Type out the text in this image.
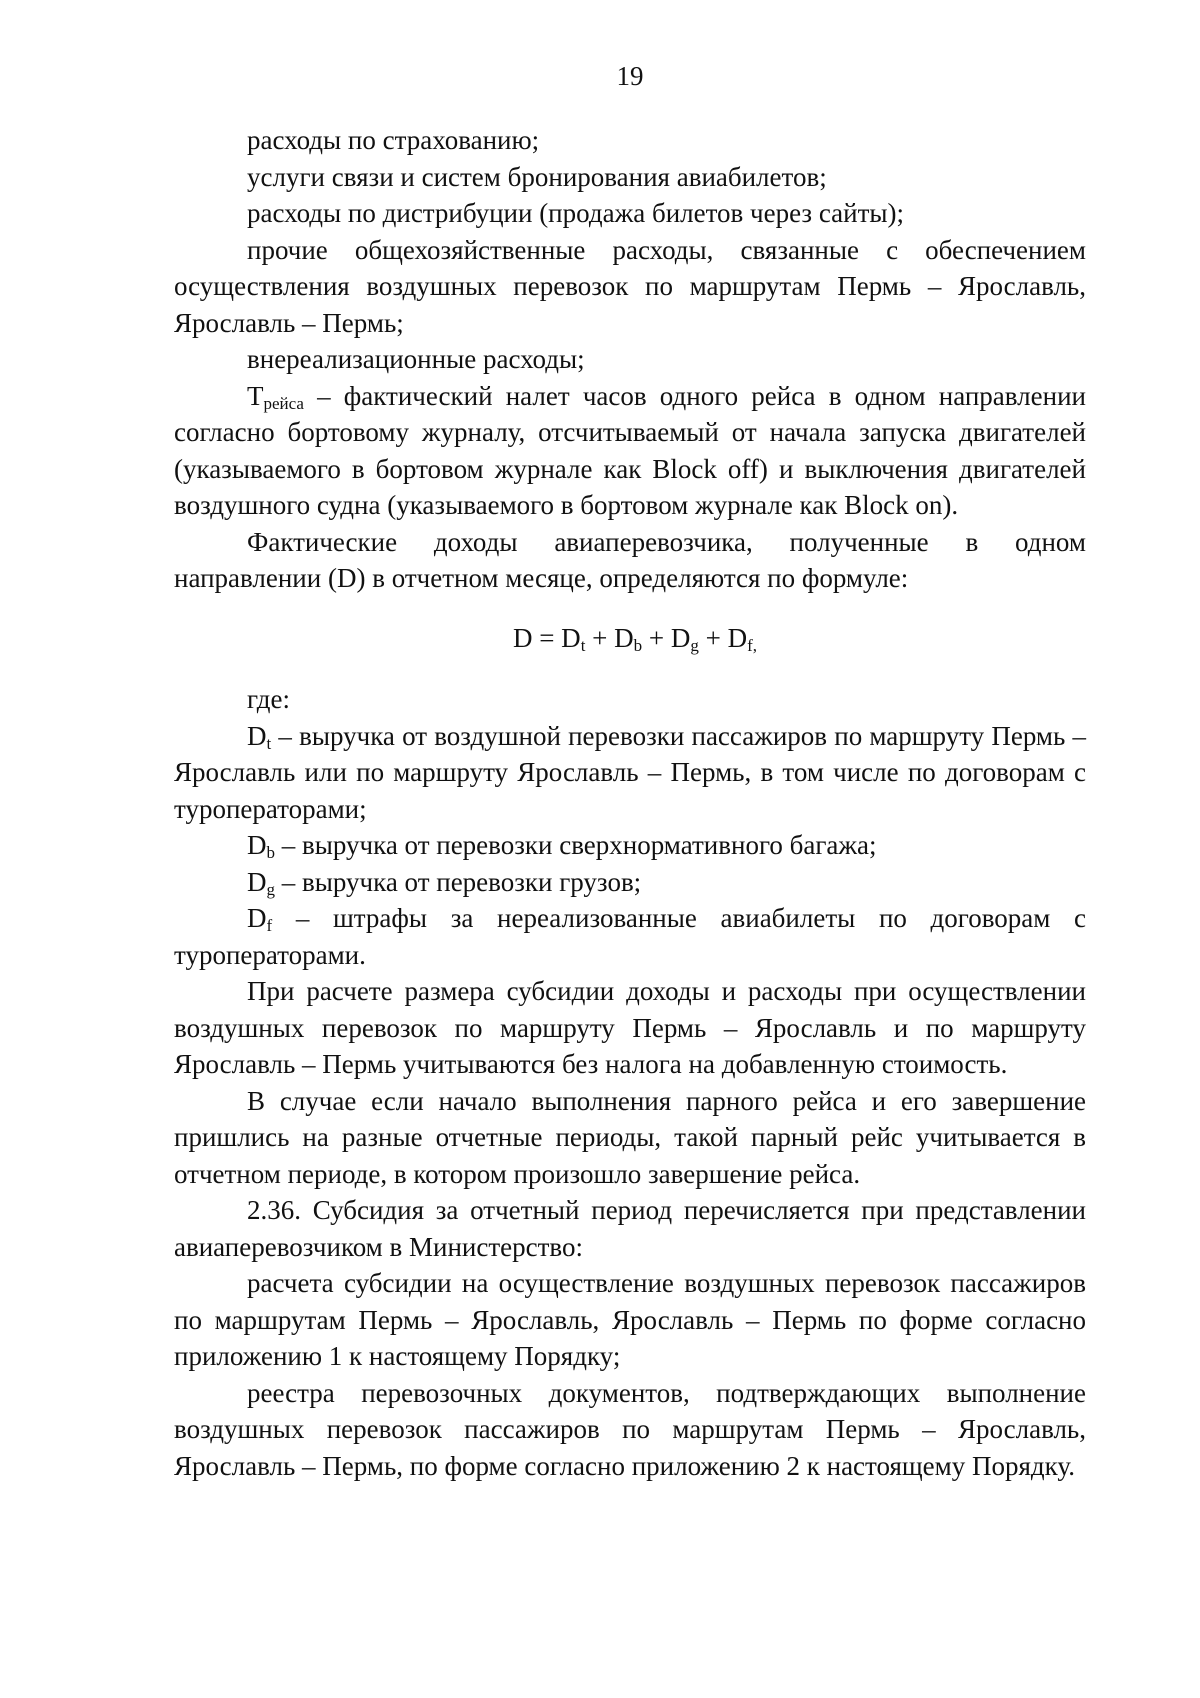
19

расходы по страхованию;

услуги связи и систем бронирования авиабилетов;

расходы по дистрибуции (продажа билетов через сайты);

прочие общехозяйственные расходы, связанные с обеспечением осуществления воздушных перевозок по маршрутам Пермь – Ярославль, Ярославль – Пермь;

внереализационные расходы;

$T_{рейса}$ – фактический налет часов одного рейса в одном направлении согласно бортовому журналу, отсчитываемый от начала запуска двигателей (указываемого в бортовом журнале как Block off) и выключения двигателей воздушного судна (указываемого в бортовом журнале как Block on).

Фактические доходы авиаперевозчика, полученные в одном направлении (D) в отчетном месяце, определяются по формуле:

$D = D_t + D_b + D_g + D_{f,}$

где:

$D_t$ – выручка от воздушной перевозки пассажиров по маршруту Пермь – Ярославль или по маршруту Ярославль – Пермь, в том числе по договорам с туроператорами;

$D_b$ – выручка от перевозки сверхнормативного багажа;

$D_g$ – выручка от перевозки грузов;

$D_f$ – штрафы за нереализованные авиабилеты по договорам с туроператорами.

При расчете размера субсидии доходы и расходы при осуществлении воздушных перевозок по маршруту Пермь – Ярославль и по маршруту Ярославль – Пермь учитываются без налога на добавленную стоимость.

В случае если начало выполнения парного рейса и его завершение пришлись на разные отчетные периоды, такой парный рейс учитывается в отчетном периоде, в котором произошло завершение рейса.

2.36. Субсидия за отчетный период перечисляется при представлении авиаперевозчиком в Министерство:

расчета субсидии на осуществление воздушных перевозок пассажиров по маршрутам Пермь – Ярославль, Ярославль – Пермь по форме согласно приложению 1 к настоящему Порядку;

реестра перевозочных документов, подтверждающих выполнение воздушных перевозок пассажиров по маршрутам Пермь – Ярославль, Ярославль – Пермь, по форме согласно приложению 2 к настоящему Порядку.
